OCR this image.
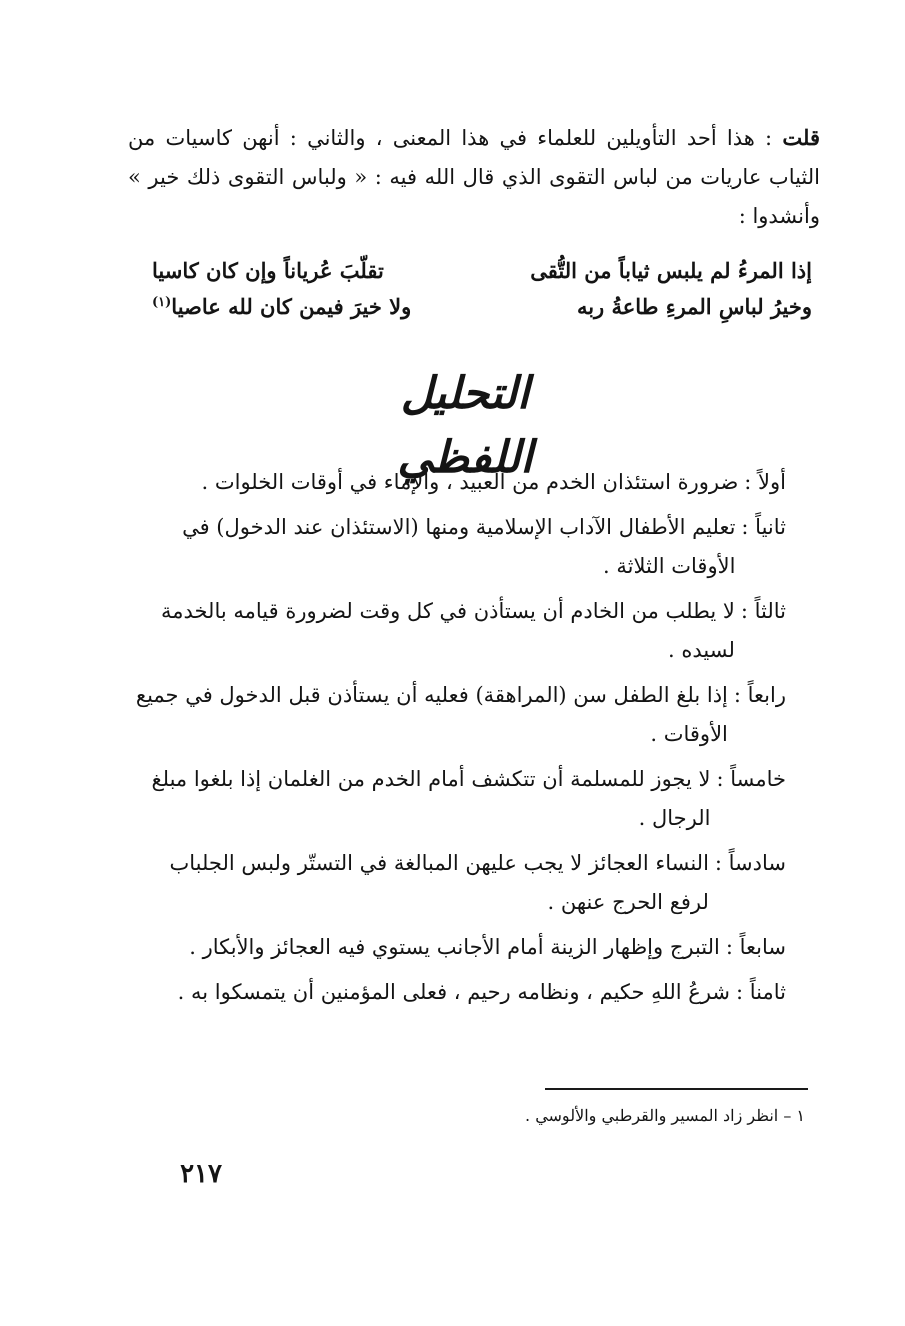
قلت : هذا أحد التأويلين للعلماء في هذا المعنى ، والثاني : أنهن كاسيات من الثياب عاريات من لباس التقوى الذي قال الله فيه : « ولباس التقوى ذلك خير » وأنشدوا :

إذا المرءُ لم يلبس ثياباً من التُّقى
تقلّبَ عُرياناً وإن كان كاسيا
وخيرُ لباسِ المرءِ طاعةُ ربه
ولا خيرَ فيمن كان لله عاصيا$^{(١)}$
التحليل اللفظي	أولاً :
ضرورة استئذان الخدم من العبيد ، والإماء في أوقات الخلوات .
ثانياً :
تعليم الأطفال الآداب الإسلامية ومنها (الاستئذان عند الدخول) في الأوقات الثلاثة .
ثالثاً :
لا يطلب من الخادم أن يستأذن في كل وقت لضرورة قيامه بالخدمة لسيده .
رابعاً :
إذا بلغ الطفل سن (المراهقة) فعليه أن يستأذن قبل الدخول في جميع الأوقات .
خامساً :
لا يجوز للمسلمة أن تتكشف أمام الخدم من الغلمان إذا بلغوا مبلغ الرجال .
سادساً :
النساء العجائز لا يجب عليهن المبالغة في التستّر ولبس الجلباب لرفع الحرج عنهن .
سابعاً :
التبرج وإظهار الزينة أمام الأجانب يستوي فيه العجائز والأبكار .
ثامناً :
شرعُ اللهِ حكيم ، ونظامه رحيم ، فعلى المؤمنين أن يتمسكوا به .
١ – انظر زاد المسير والقرطبي والألوسي .
٢١٧
